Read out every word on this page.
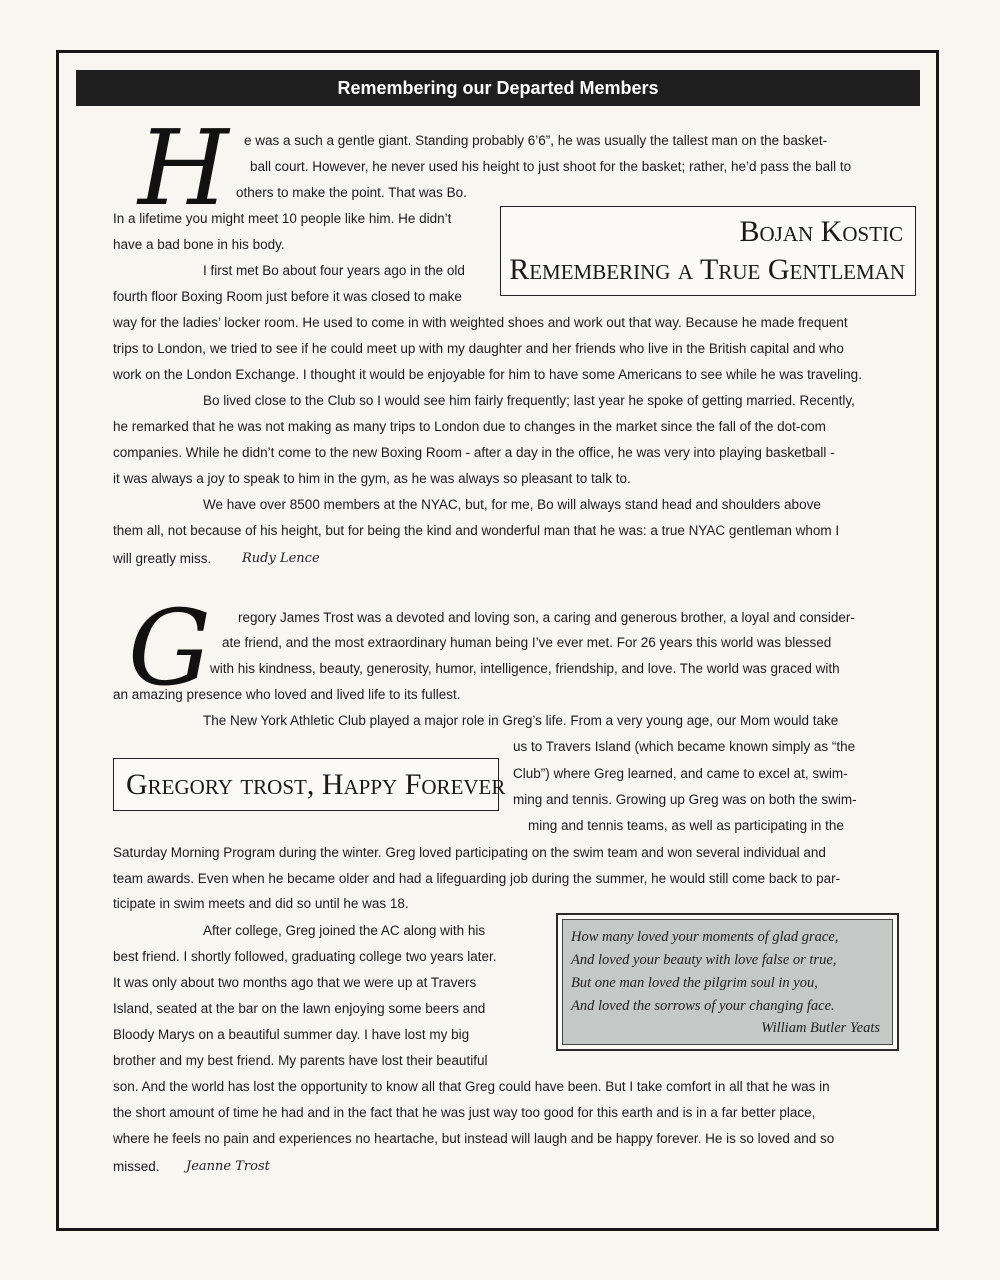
Remembering our Departed Members
H
Bojan Kostic
Remembering a True Gentleman
e was a such a gentle giant. Standing probably 6’6”, he was usually the tallest man on the basket-
ball court. However, he never used his height to just shoot for the basket; rather, he’d pass the ball to
others to make the point. That was Bo.
In a lifetime you might meet 10 people like him. He didn’t
have a bad bone in his body.
I first met Bo about four years ago in the old
fourth floor Boxing Room just before it was closed to make
way for the ladies’ locker room. He used to come in with weighted shoes and work out that way. Because he made frequent
trips to London, we tried to see if he could meet up with my daughter and her friends who live in the British capital and who
work on the London Exchange. I thought it would be enjoyable for him to have some Americans to see while he was traveling.
Bo lived close to the Club so I would see him fairly frequently; last year he spoke of getting married. Recently,
he remarked that he was not making as many trips to London due to changes in the market since the fall of the dot-com
companies. While he didn’t come to the new Boxing Room - after a day in the office, he was very into playing basketball -
it was always a joy to speak to him in the gym, as he was always so pleasant to talk to.
We have over 8500 members at the NYAC, but, for me, Bo will always stand head and shoulders above
them all, not because of his height, but for being the kind and wonderful man that he was: a true NYAC gentleman whom I
will greatly miss. Rudy Lence
G regory James Trost was a devoted and loving son, a caring and generous brother, a loyal and consider-
ate friend, and the most extraordinary human being I’ve ever met. For 26 years this world was blessed
with his kindness, beauty, generosity, humor, intelligence, friendship, and love. The world was graced with
an amazing presence who loved and lived life to its fullest.
The New York Athletic Club played a major role in Greg’s life. From a very young age, our Mom would take
Gregory trost, Happy Forever
us to Travers Island (which became known simply as “the
Club”) where Greg learned, and came to excel at, swim-
ming and tennis. Growing up Greg was on both the swim-
ming and tennis teams, as well as participating in the
Saturday Morning Program during the winter. Greg loved participating on the swim team and won several individual and
team awards. Even when he became older and had a lifeguarding job during the summer, he would still come back to par-
ticipate in swim meets and did so until he was 18.
After college, Greg joined the AC along with his
best friend. I shortly followed, graduating college two years later.
It was only about two months ago that we were up at Travers
Island, seated at the bar on the lawn enjoying some beers and
Bloody Marys on a beautiful summer day. I have lost my big
brother and my best friend. My parents have lost their beautiful
son. And the world has lost the opportunity to know all that Greg could have been. But I take comfort in all that he was in
the short amount of time he had and in the fact that he was just way too good for this earth and is in a far better place,
where he feels no pain and experiences no heartache, but instead will laugh and be happy forever. He is so loved and so
missed. Jeanne Trost
How many loved your moments of glad grace,
And loved your beauty with love false or true,
But one man loved the pilgrim soul in you,
And loved the sorrows of your changing face.
William Butler Yeats
